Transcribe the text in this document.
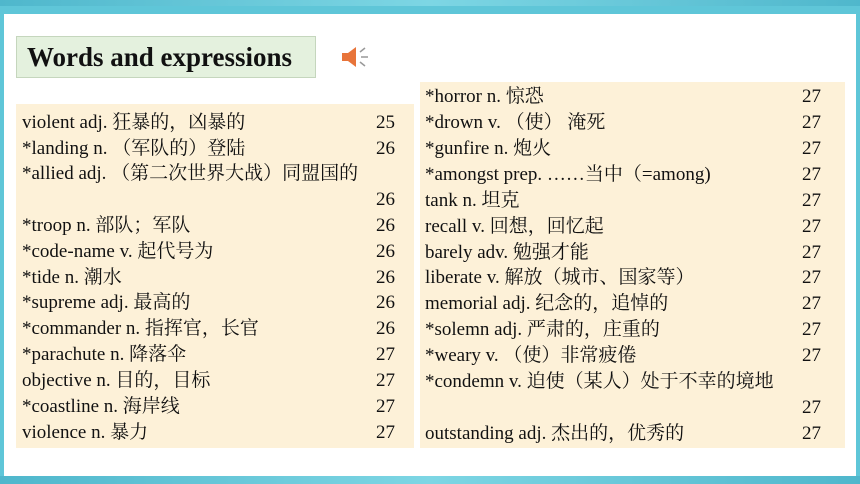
Words and expressions
violent adj. 狂暴的，凶暴的	25
*landing n. （军队的）登陆	26
*allied adj. （第二次世界大战）同盟国的
26
*troop n. 部队；军队	26
*code-name v. 起代号为	26
*tide n. 潮水	26
*supreme adj. 最高的	26
*commander n. 指挥官，长官	26
*parachute n. 降落伞	27
objective n. 目的，目标	27
*coastline n. 海岸线	27
violence n. 暴力	27
*horror n. 惊恐	27
*drown v. （使） 淹死	27
*gunfire n. 炮火	27
*amongst prep. ……当中（=among)	27
tank n. 坦克	27
recall v. 回想，回忆起	27
barely adv. 勉强才能	27
liberate v. 解放（城市、国家等）	27
memorial adj. 纪念的，追悼的	27
*solemn adj. 严肃的，庄重的	27
*weary v. （使）非常疲倦	27
*condemn v. 迫使（某人）处于不幸的境地
27
outstanding adj. 杰出的，优秀的	27
